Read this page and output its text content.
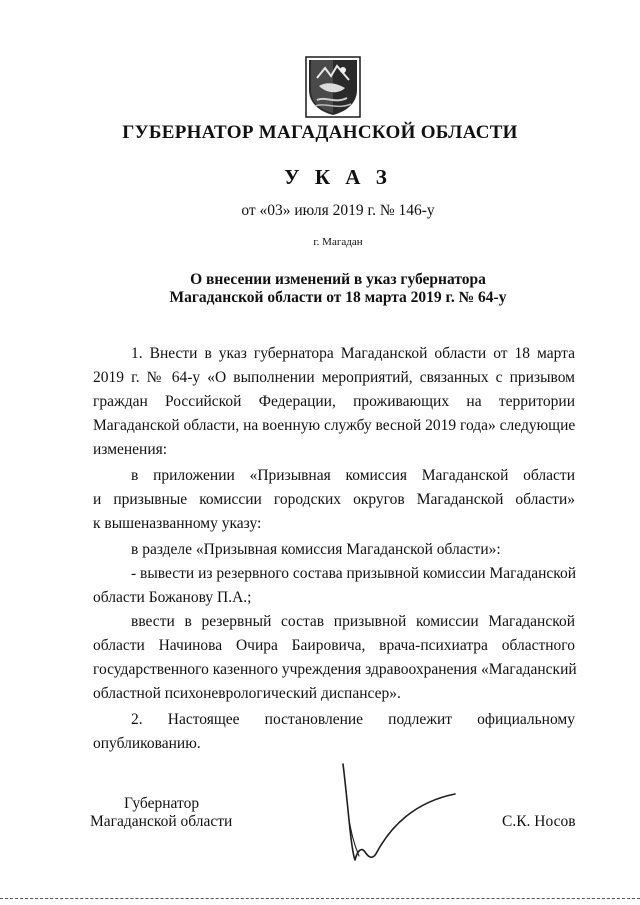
ГУБЕРНАТОР МАГАДАНСКОЙ ОБЛАСТИ
У К А З
от «03» июля 2019 г. № 146-у
г. Магадан
О внесении изменений в указ губернатора
Магаданской области от 18 марта 2019 г. № 64-у
1. Внести в указ губернатора Магаданской области от 18 марта
2019 г. № 64-у «О выполнении мероприятий, связанных с призывом
граждан Российской Федерации, проживающих на территории
Магаданской области, на военную службу весной 2019 года» следующие
изменения:
в приложении «Призывная комиссия Магаданской области
и призывные комиссии городских округов Магаданской области»
к вышеназванному указу:
в разделе «Призывная комиссия Магаданской области»:
- вывести из резервного состава призывной комиссии Магаданской
области Божанову П.А.;
ввести в резервный состав призывной комиссии Магаданской
области Начинова Очира Баировича, врача-психиатра областного
государственного казенного учреждения здравоохранения «Магаданский
областной психоневрологический диспансер».
2. Настоящее постановление подлежит официальному
опубликованию.
Губернатор
Магаданской области	С.К. Носов
